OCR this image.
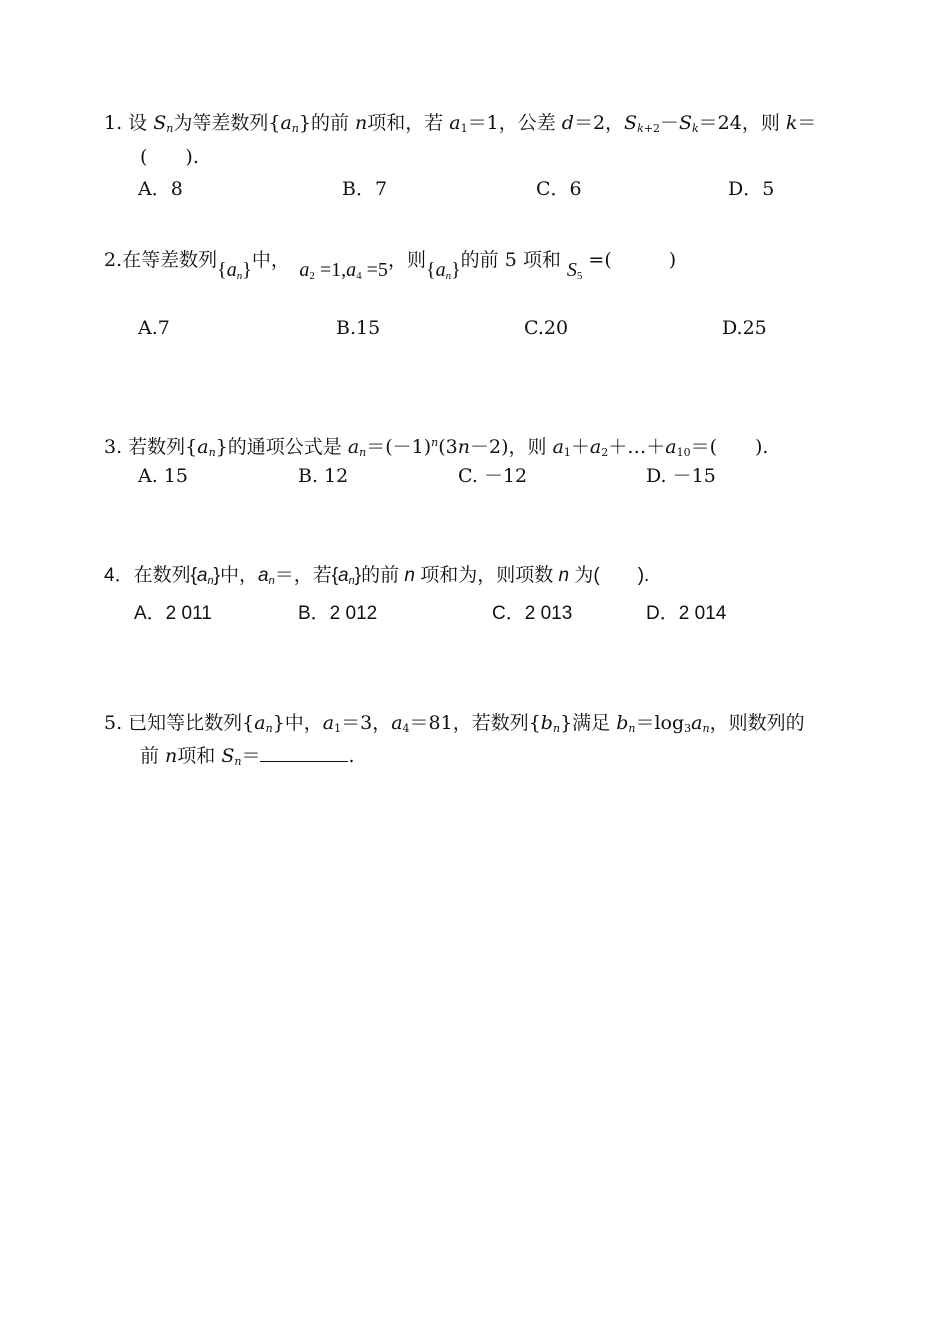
1. 设 $S_n$为等差数列$\{a_n\}$的前 n项和，若 $a_1=1$，公差 d＝2，$S_{k+2}-S_k=24$，则 k＝
(　　).
A．8	B．7	C．6	D．5
2.在等差数列$\{a_n\}$中，　$a_2 =1,a_4 =5$，则$\{a_n\}$的前 5 项和 $S_5$ =(　　　)
A.7	B.15	C.20	D.25
3. 若数列$\{a_n\}$的通项公式是 $a_n=(-1)^n(3n-2)$，则 $a_1+a_2+\dots+a_{10}=$(　　).
A. 15	B. 12	C. －12	D. －15
4．在数列$\{a_n\}$中，$a_n=$，若$\{a_n\}$的前 n 项和为，则项数 n 为(　　).
A．2 011	B．2 012	C．2 013	D．2 014
5. 已知等比数列$\{a_n\}$中，$a_1=3$，$a_4=81$，若数列$\{b_n\}$满足 $b_n=\log_3a_n$，则数列的
前 n项和 $S_n=$	.
